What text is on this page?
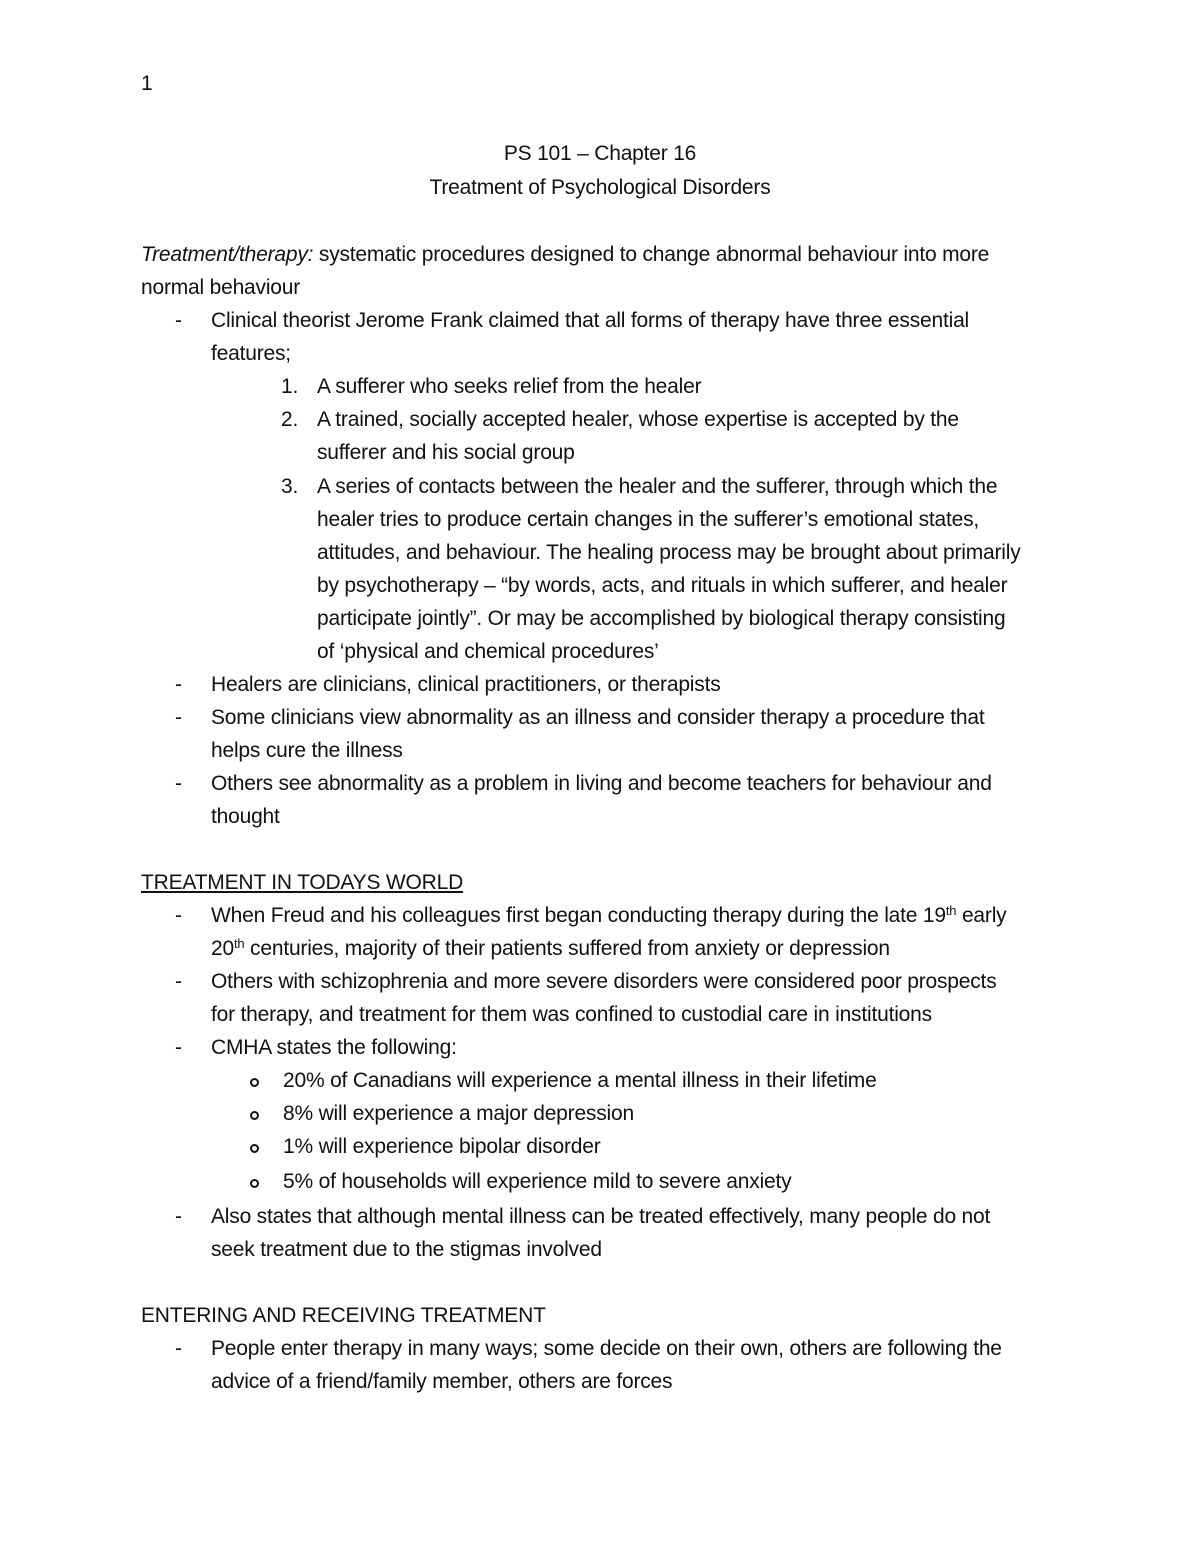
1
PS 101 – Chapter 16
Treatment of Psychological Disorders
Treatment/therapy: systematic procedures designed to change abnormal behaviour into more
normal behaviour
-	Clinical theorist Jerome Frank claimed that all forms of therapy have three essential
features;
1. A sufferer who seeks relief from the healer
2. A trained, socially accepted healer, whose expertise is accepted by the
sufferer and his social group
3. A series of contacts between the healer and the sufferer, through which the
healer tries to produce certain changes in the sufferer’s emotional states,
attitudes, and behaviour. The healing process may be brought about primarily
by psychotherapy – “by words, acts, and rituals in which sufferer, and healer
participate jointly”. Or may be accomplished by biological therapy consisting
of ‘physical and chemical procedures’
-	Healers are clinicians, clinical practitioners, or therapists
-	Some clinicians view abnormality as an illness and consider therapy a procedure that
helps cure the illness
-	Others see abnormality as a problem in living and become teachers for behaviour and
thought
TREATMENT IN TODAYS WORLD
-	When Freud and his colleagues first began conducting therapy during the late 19th early
20th centuries, majority of their patients suffered from anxiety or depression
-	Others with schizophrenia and more severe disorders were considered poor prospects
for therapy, and treatment for them was confined to custodial care in institutions
-	CMHA states the following:
20% of Canadians will experience a mental illness in their lifetime
8% will experience a major depression
1% will experience bipolar disorder
5% of households will experience mild to severe anxiety
-	Also states that although mental illness can be treated effectively, many people do not
seek treatment due to the stigmas involved
ENTERING AND RECEIVING TREATMENT
-	People enter therapy in many ways; some decide on their own, others are following the
advice of a friend/family member, others are forces
